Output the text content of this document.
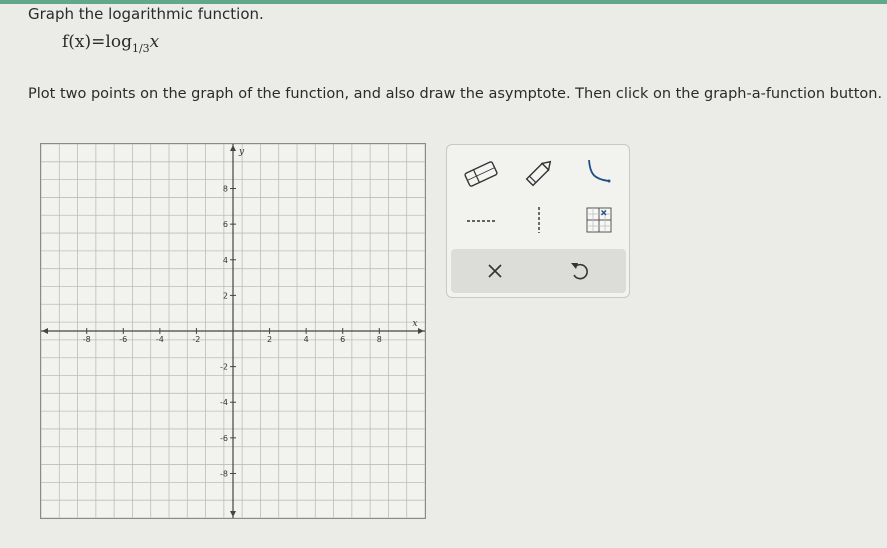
Graph the logarithmic function.
$f(x)=\log_{1/3}x$
Plot two points on the graph of the function, and also draw the asymptote. Then click on the graph-a-function button.
-8	-6	-4	-2	2	4	6	8
8
6
4
2
-2
-4
-6
-8
x
y
